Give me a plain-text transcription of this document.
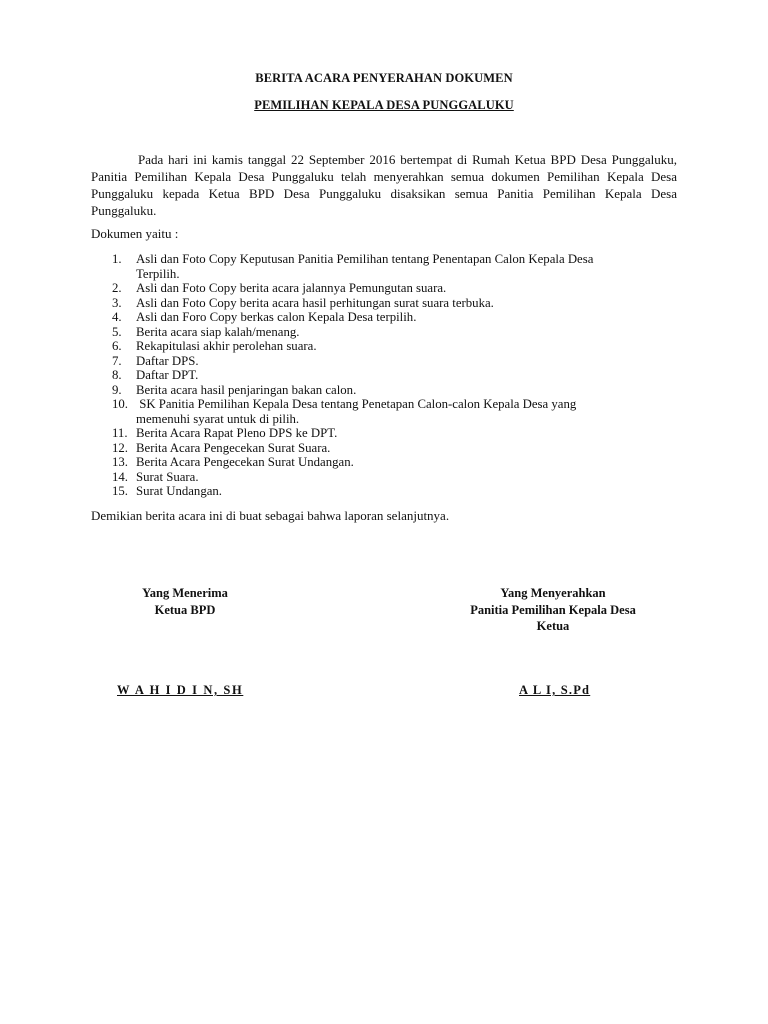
BERITA ACARA PENYERAHAN DOKUMEN
PEMILIHAN KEPALA DESA PUNGGALUKU
Pada hari ini kamis tanggal 22 September 2016 bertempat di Rumah Ketua BPD Desa Punggaluku, Panitia Pemilihan Kepala Desa Punggaluku telah menyerahkan semua dokumen Pemilihan Kepala Desa Punggaluku kepada Ketua BPD Desa Punggaluku disaksikan semua Panitia Pemilihan Kepala Desa Punggaluku.
Dokumen yaitu :
1. Asli dan Foto Copy Keputusan Panitia Pemilihan tentang Penentapan Calon Kepala Desa
Terpilih.
2. Asli dan Foto Copy berita acara jalannya Pemungutan suara.
3. Asli dan Foto Copy berita acara hasil perhitungan surat suara terbuka.
4. Asli dan Foro Copy berkas calon Kepala Desa terpilih.
5. Berita acara siap kalah/menang.
6. Rekapitulasi akhir perolehan suara.
7. Daftar DPS.
8. Daftar DPT.
9. Berita acara hasil penjaringan bakan calon.
10. SK Panitia Pemilihan Kepala Desa tentang Penetapan Calon-calon Kepala Desa yang
memenuhi syarat untuk di pilih.
11. Berita Acara Rapat Pleno DPS ke DPT.
12. Berita Acara Pengecekan Surat Suara.
13. Berita Acara Pengecekan Surat Undangan.
14. Surat Suara.
15. Surat Undangan.
Demikian berita acara ini di buat sebagai bahwa laporan selanjutnya.
Yang Menerima
Ketua BPD
Yang Menyerahkan
Panitia Pemilihan Kepala Desa
Ketua
W A H I D I N, SH	A L I, S.Pd
